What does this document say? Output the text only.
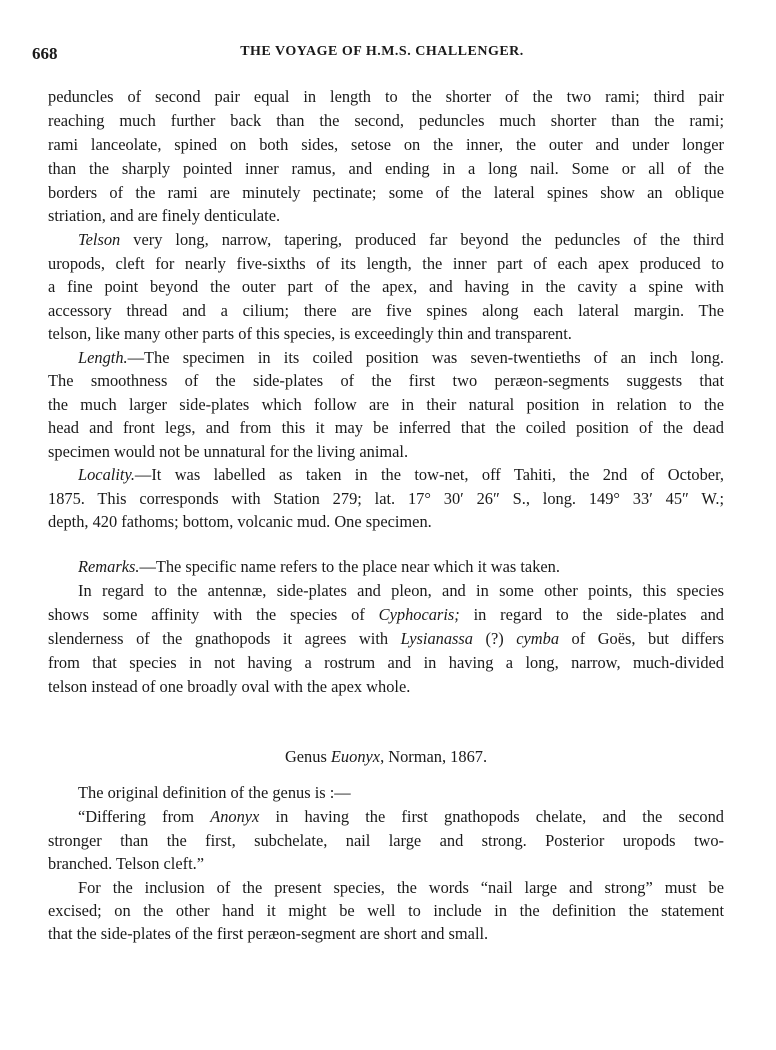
668	THE VOYAGE OF H.M.S. CHALLENGER.
peduncles of second pair equal in length to the shorter of the two rami; third pair
reaching much further back than the second, peduncles much shorter than the rami;
rami lanceolate, spined on both sides, setose on the inner, the outer and under longer
than the sharply pointed inner ramus, and ending in a long nail. Some or all of the
borders of the rami are minutely pectinate; some of the lateral spines show an oblique
striation, and are finely denticulate.
Telson very long, narrow, tapering, produced far beyond the peduncles of the third
uropods, cleft for nearly five-sixths of its length, the inner part of each apex produced to
a fine point beyond the outer part of the apex, and having in the cavity a spine with
accessory thread and a cilium; there are five spines along each lateral margin. The
telson, like many other parts of this species, is exceedingly thin and transparent.
Length.—The specimen in its coiled position was seven-twentieths of an inch long.
The smoothness of the side-plates of the first two peræon-segments suggests that
the much larger side-plates which follow are in their natural position in relation to the
head and front legs, and from this it may be inferred that the coiled position of the dead
specimen would not be unnatural for the living animal.
Locality.—It was labelled as taken in the tow-net, off Tahiti, the 2nd of October,
1875. This corresponds with Station 279; lat. 17° 30′ 26″ S., long. 149° 33′ 45″ W.;
depth, 420 fathoms; bottom, volcanic mud. One specimen.
Remarks.—The specific name refers to the place near which it was taken.
In regard to the antennæ, side-plates and pleon, and in some other points, this species
shows some affinity with the species of Cyphocaris; in regard to the side-plates and
slenderness of the gnathopods it agrees with Lysianassa (?) cymba of Goës, but differs
from that species in not having a rostrum and in having a long, narrow, much-divided
telson instead of one broadly oval with the apex whole.
Genus Euonyx, Norman, 1867.
The original definition of the genus is :—
“Differing from Anonyx in having the first gnathopods chelate, and the second
stronger than the first, subchelate, nail large and strong. Posterior uropods two-
branched. Telson cleft.”
For the inclusion of the present species, the words “nail large and strong” must be
excised; on the other hand it might be well to include in the definition the statement
that the side-plates of the first peræon-segment are short and small.
